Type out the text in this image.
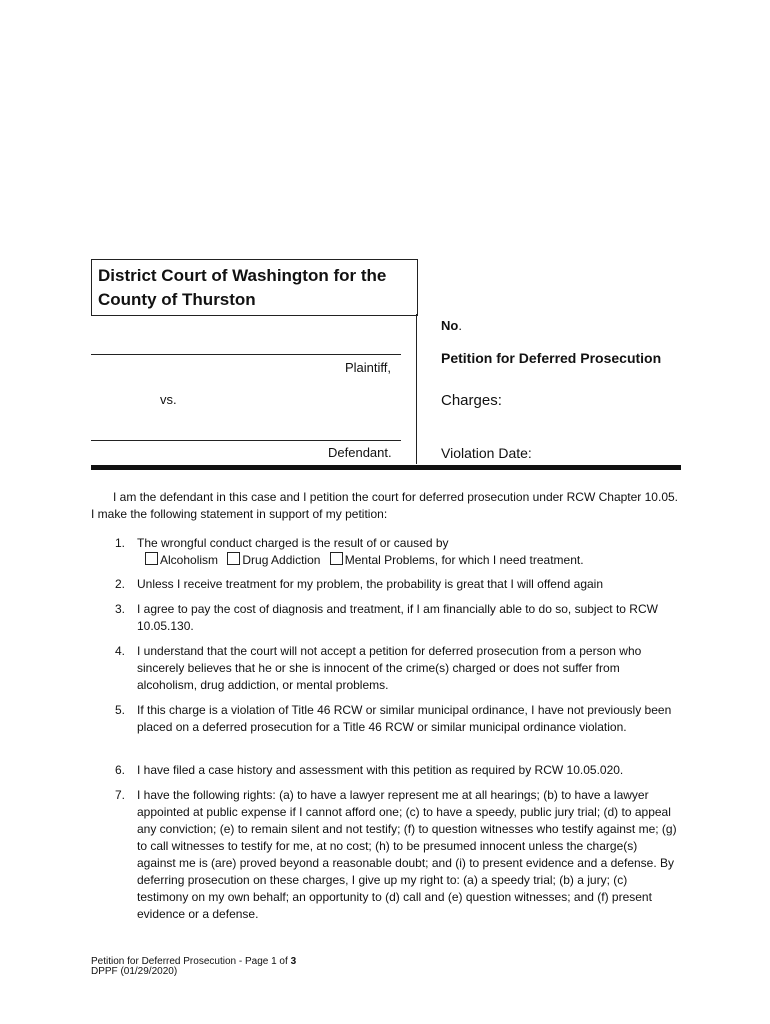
District Court of Washington for the
County of Thurston
Plaintiff,
vs.
Defendant.
No.
Petition for Deferred Prosecution
Charges:
Violation Date:
I am the defendant in this case and I petition the court for deferred prosecution under RCW Chapter 10.05. I make the following statement in support of my petition:
1. The wrongful conduct charged is the result of or caused by
Alcoholism Drug Addiction Mental Problems, for which I need treatment.
2. Unless I receive treatment for my problem, the probability is great that I will offend again
3. I agree to pay the cost of diagnosis and treatment, if I am financially able to do so, subject to RCW 10.05.130.
4. I understand that the court will not accept a petition for deferred prosecution from a person who sincerely believes that he or she is innocent of the crime(s) charged or does not suffer from alcoholism, drug addiction, or mental problems.
5. If this charge is a violation of Title 46 RCW or similar municipal ordinance, I have not previously been placed on a deferred prosecution for a Title 46 RCW or similar municipal ordinance violation.
6. I have filed a case history and assessment with this petition as required by RCW 10.05.020.
7. I have the following rights: (a) to have a lawyer represent me at all hearings; (b) to have a lawyer appointed at public expense if I cannot afford one; (c) to have a speedy, public jury trial; (d) to appeal any conviction; (e) to remain silent and not testify; (f) to question witnesses who testify against me; (g) to call witnesses to testify for me, at no cost; (h) to be presumed innocent unless the charge(s) against me is (are) proved beyond a reasonable doubt; and (i) to present evidence and a defense. By deferring prosecution on these charges, I give up my right to: (a) a speedy trial; (b) a jury; (c) testimony on my own behalf; an opportunity to (d) call and (e) question witnesses; and (f) present evidence or a defense.
Petition for Deferred Prosecution - Page 1 of 3
DPPF (01/29/2020)
